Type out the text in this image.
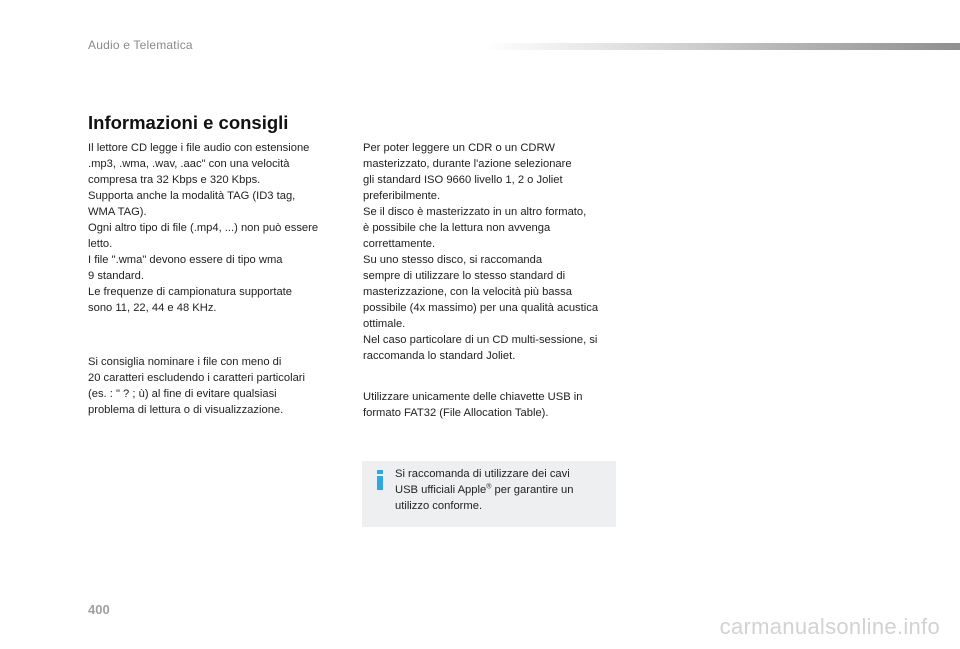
Audio e Telematica
Informazioni e consigli

Il lettore CD legge i file audio con estensione
.mp3, .wma, .wav, .aac" con una velocità
compresa tra 32 Kbps e 320 Kbps.
Supporta anche la modalità TAG (ID3 tag,
WMA TAG).
Ogni altro tipo di file (.mp4, ...) non può essere
letto.
I file ".wma" devono essere di tipo wma
9 standard.
Le frequenze di campionatura supportate
sono 11, 22, 44 e 48 KHz.

Si consiglia nominare i file con meno di
20 caratteri escludendo i caratteri particolari
(es. : " ? ; ù) al fine di evitare qualsiasi
problema di lettura o di visualizzazione.

Per poter leggere un CDR o un CDRW
masterizzato, durante l'azione selezionare
gli standard ISO 9660 livello 1, 2 o Joliet
preferibilmente.
Se il disco è masterizzato in un altro formato,
è possibile che la lettura non avvenga
correttamente.
Su uno stesso disco, si raccomanda
sempre di utilizzare lo stesso standard di
masterizzazione, con la velocità più bassa
possibile (4x massimo) per una qualità acustica
ottimale.
Nel caso particolare di un CD multi-sessione, si
raccomanda lo standard Joliet.

Utilizzare unicamente delle chiavette USB in
formato FAT32 (File Allocation Table).

Si raccomanda di utilizzare dei cavi
USB ufficiali Apple® per garantire un
utilizzo conforme.

400
carmanualsonline.info
